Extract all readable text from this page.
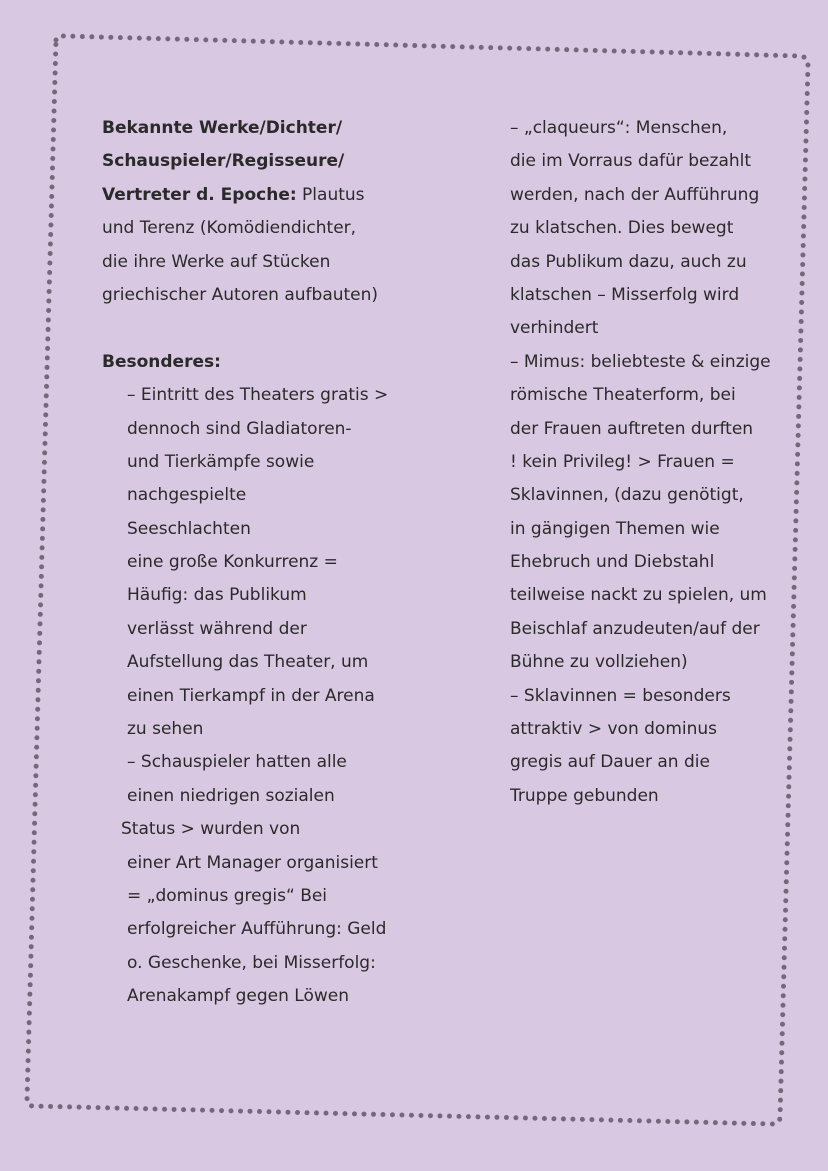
Bekannte Werke/Dichter/
Schauspieler/Regisseure/
Vertreter d. Epoche: Plautus
und Terenz (Komödiendichter,
die ihre Werke auf Stücken
griechischer Autoren aufbauten)
Besonderes:
– Eintritt des Theaters gratis >
dennoch sind Gladiatoren-
und Tierkämpfe sowie
nachgespielte
Seeschlachten
eine große Konkurrenz =
Häufig: das Publikum
verlässt während der
Aufstellung das Theater, um
einen Tierkampf in der Arena
zu sehen
– Schauspieler hatten alle
einen niedrigen sozialen
Status > wurden von
einer Art Manager organisiert
= „dominus gregis“ Bei
erfolgreicher Aufführung: Geld
o. Geschenke, bei Misserfolg:
Arenakampf gegen Löwen
– „claqueurs“: Menschen,
die im Vorraus dafür bezahlt
werden, nach der Aufführung
zu klatschen. Dies bewegt
das Publikum dazu, auch zu
klatschen – Misserfolg wird
verhindert
– Mimus: beliebteste & einzige
römische Theaterform, bei
der Frauen auftreten durften
! kein Privileg! > Frauen =
Sklavinnen, (dazu genötigt,
in gängigen Themen wie
Ehebruch und Diebstahl
teilweise nackt zu spielen, um
Beischlaf anzudeuten/auf der
Bühne zu vollziehen)
– Sklavinnen = besonders
attraktiv > von dominus
gregis auf Dauer an die
Truppe gebunden
